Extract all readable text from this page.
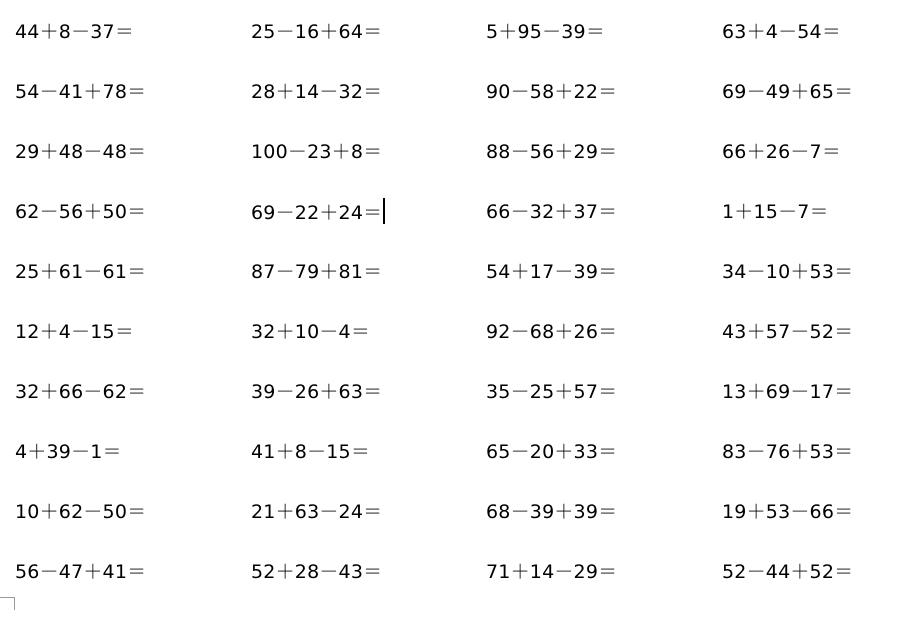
44＋8－37＝	25－16＋64＝	5＋95－39＝	63＋4－54＝
54－41＋78＝	28＋14－32＝	90－58＋22＝	69－49＋65＝
29＋48－48＝	100－23＋8＝	88－56＋29＝	66＋26－7＝
62－56＋50＝	69－22＋24＝	66－32＋37＝	1＋15－7＝
25＋61－61＝	87－79＋81＝	54＋17－39＝	34－10＋53＝
12＋4－15＝	32＋10－4＝	92－68＋26＝	43＋57－52＝
32＋66－62＝	39－26＋63＝	35－25＋57＝	13＋69－17＝
4＋39－1＝	41＋8－15＝	65－20＋33＝	83－76＋53＝
10＋62－50＝	21＋63－24＝	68－39＋39＝	19＋53－66＝
56－47＋41＝	52＋28－43＝	71＋14－29＝	52－44＋52＝
